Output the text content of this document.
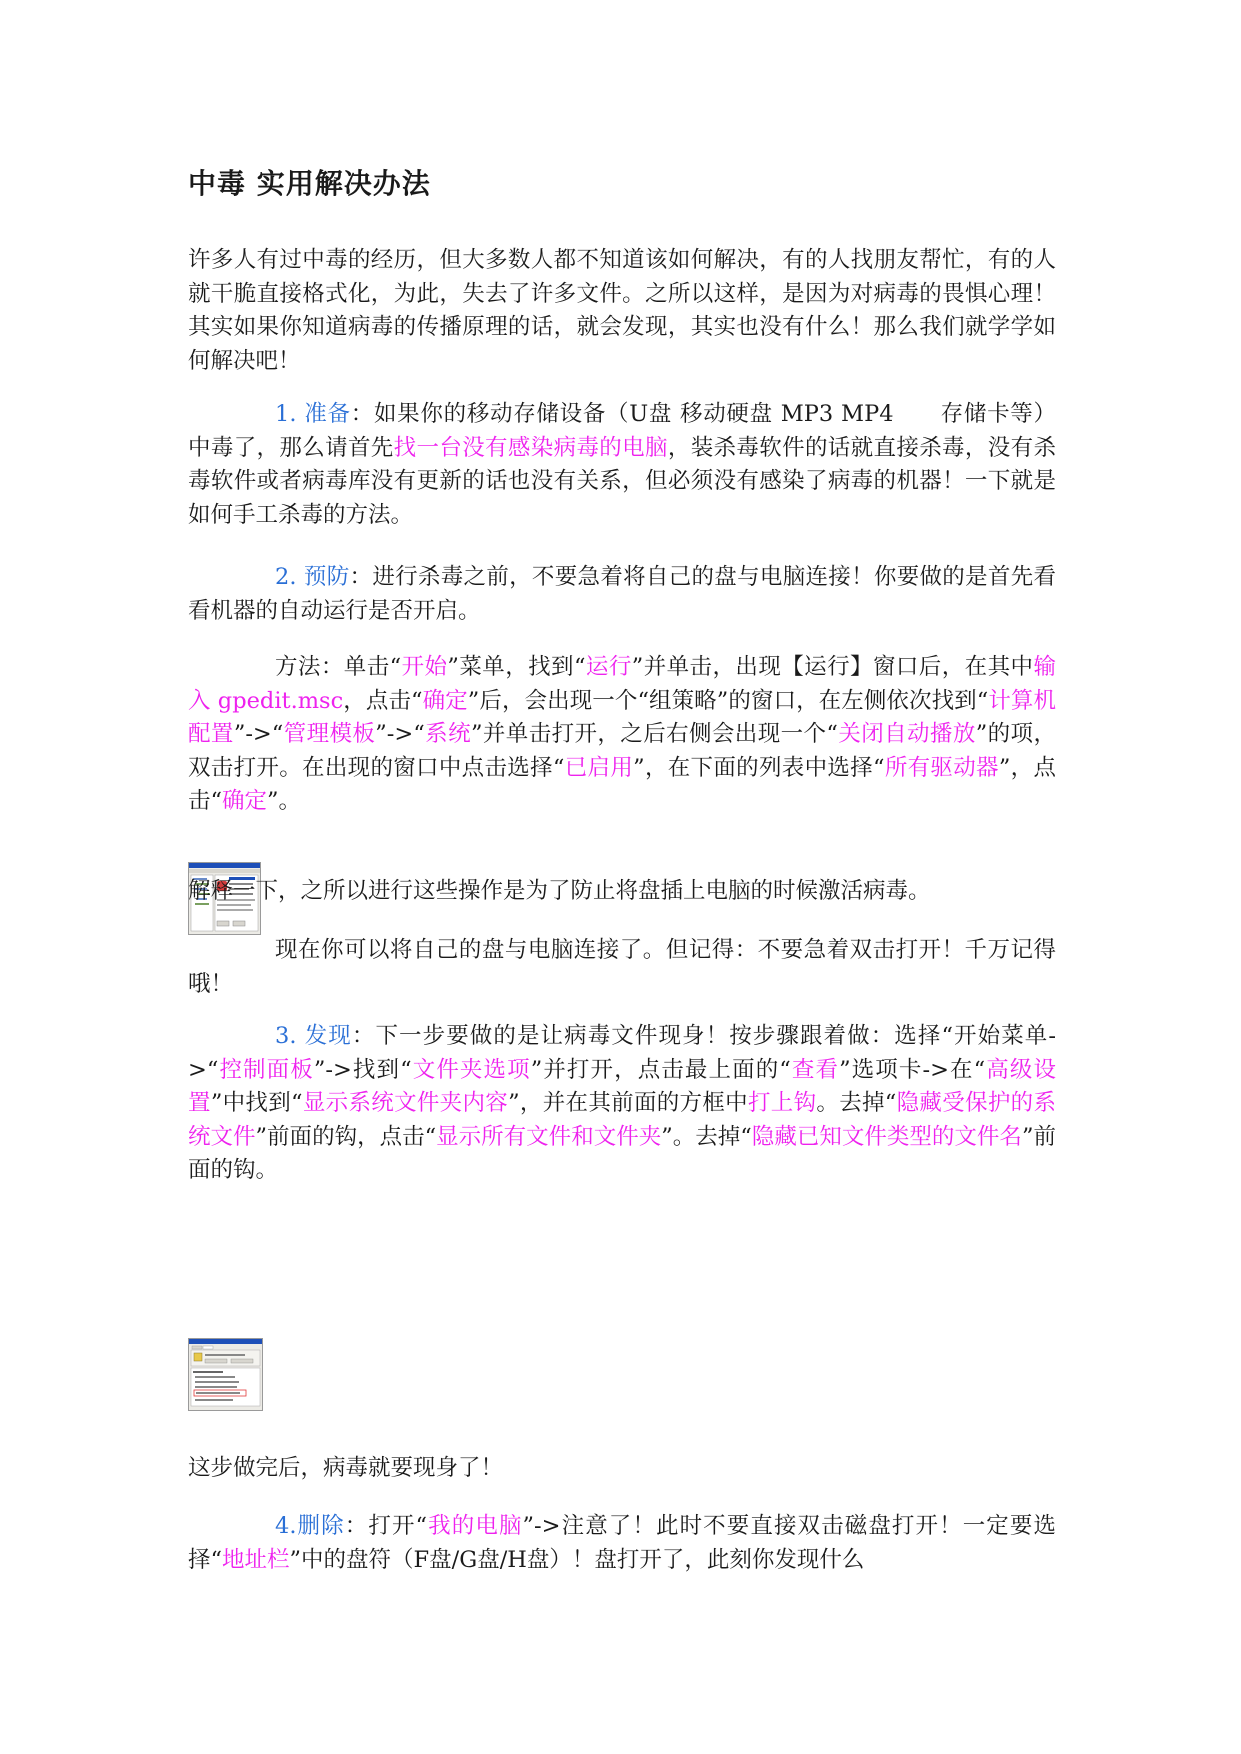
中毒 实用解决办法

许多人有过中毒的经历，但大多数人都不知道该如何解决，有的人找朋友帮忙，有的人就干脆直接格式化，为此，失去了许多文件。之所以这样，是因为对病毒的畏惧心理！其实如果你知道病毒的传播原理的话，就会发现，其实也没有什么！那么我们就学学如何解决吧！

1. 准备：如果你的移动存储设备（U盘 移动硬盘 MP3 MP4　　存储卡等）中毒了，那么请首先找一台没有感染病毒的电脑，装杀毒软件的话就直接杀毒，没有杀毒软件或者病毒库没有更新的话也没有关系，但必须没有感染了病毒的机器！一下就是如何手工杀毒的方法。

2. 预防：进行杀毒之前，不要急着将自己的盘与电脑连接！你要做的是首先看看机器的自动运行是否开启。

方法：单击“开始”菜单，找到“运行”并单击，出现【运行】窗口后，在其中输入 gpedit.msc，点击“确定”后，会出现一个“组策略”的窗口，在左侧依次找到“计算机配置”->“管理模板”->“系统”并单击打开，之后右侧会出现一个“关闭自动播放”的项，双击打开。在出现的窗口中点击选择“已启用”，在下面的列表中选择“所有驱动器”，点击“确定”。

解释一下，之所以进行这些操作是为了防止将盘插上电脑的时候激活病毒。

现在你可以将自己的盘与电脑连接了。但记得：不要急着双击打开！千万记得哦！

3. 发现：下一步要做的是让病毒文件现身！按步骤跟着做：选择“开始菜单->“控制面板”->找到“文件夹选项”并打开，点击最上面的“查看”选项卡->在“高级设置”中找到“显示系统文件夹内容”，并在其前面的方框中打上钩。去掉“隐藏受保护的系统文件”前面的钩，点击“显示所有文件和文件夹”。去掉“隐藏已知文件类型的文件名”前面的钩。

这步做完后，病毒就要现身了！

4.删除：打开“我的电脑”->注意了！此时不要直接双击磁盘打开！一定要选择“地址栏”中的盘符（F盘/G盘/H盘）！盘打开了，此刻你发现什么
